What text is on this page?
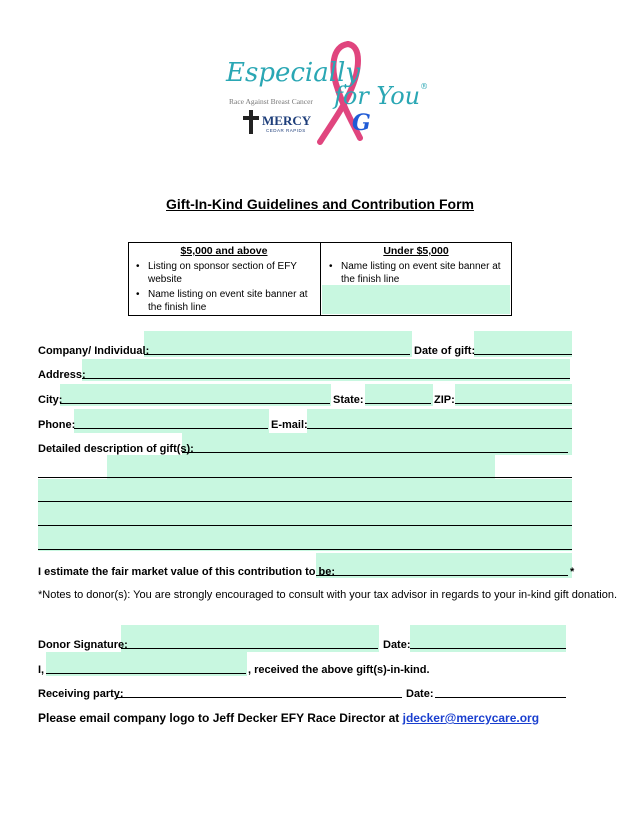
Especially
for You®
Race Against Breast Cancer
MERCY
CEDAR RAPIDS G
Gift-In-Kind Guidelines and Contribution Form
$5,000 and above
• Listing on sponsor section of EFY website
• Name listing on event site banner at the finish line
Under $5,000
• Name listing on event site banner at the finish line
Company/ Individual:	Date of gift:
Address:
City:	State:	ZIP:
Phone:	E-mail:
Detailed description of gift(s):
I estimate the fair market value of this contribution to be:	*
*Notes to donor(s): You are strongly encouraged to consult with your tax advisor in regards to your in-kind gift donation.
Donor Signature:	Date:
I,	, received the above gift(s)-in-kind.
Receiving party:	Date:
Please email company logo to Jeff Decker EFY Race Director at jdecker@mercycare.org
